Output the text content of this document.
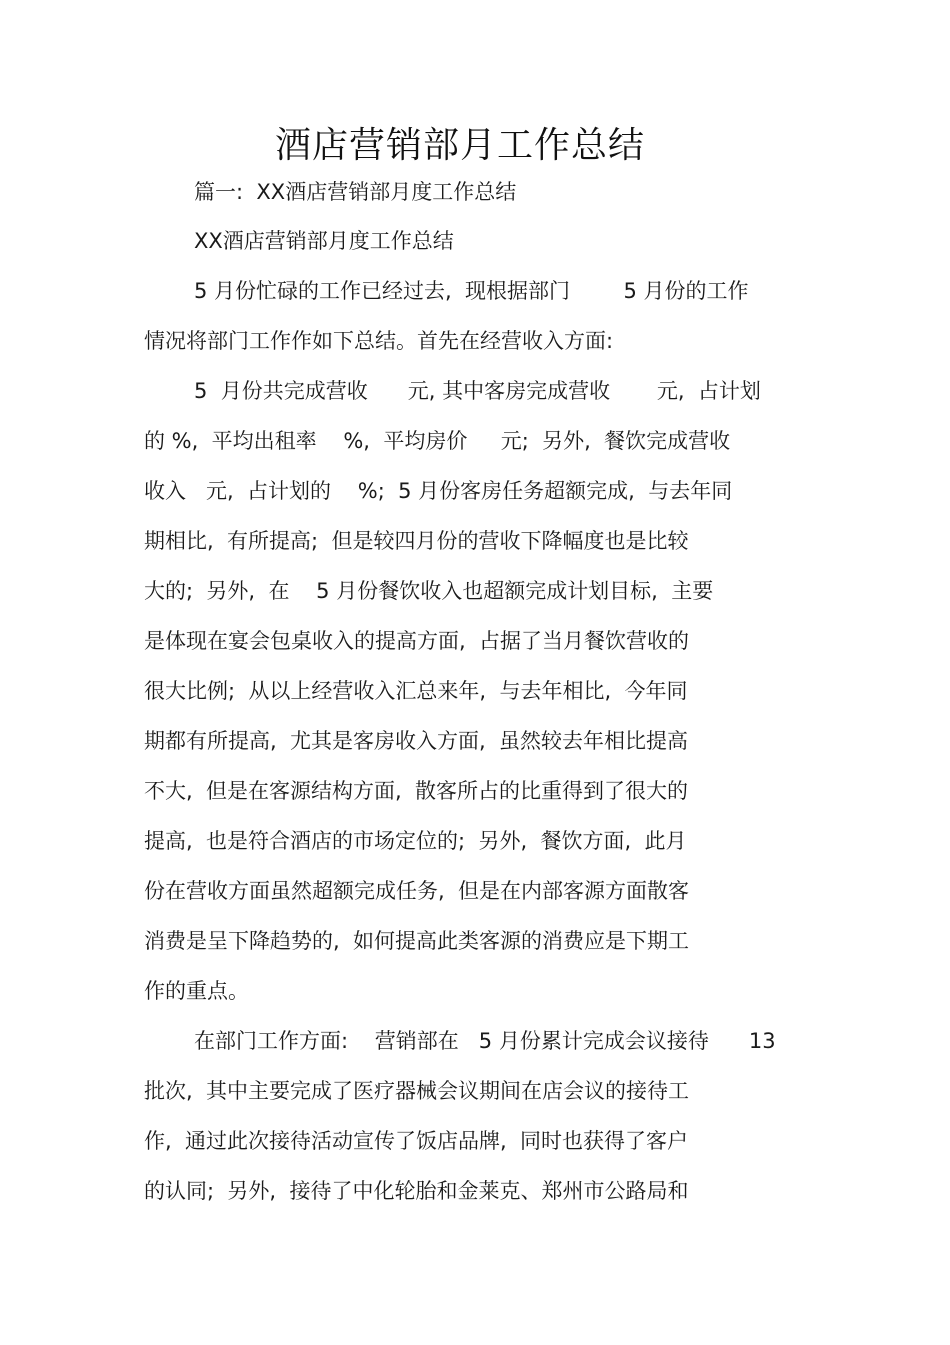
酒店营销部月工作总结
篇一:  XX酒店营销部月度工作总结
XX酒店营销部月度工作总结
5 月份忙碌的工作已经过去,  现根据部门        5 月份的工作
情况将部门工作作如下总结。首先在经营收入方面:
5  月份共完成营收      元, 其中客房完成营收       元,  占计划
的 %,  平均出租率    %,  平均房价     元;  另外,  餐饮完成营收
收入   元,  占计划的    %;  5 月份客房任务超额完成,  与去年同
期相比,  有所提高;  但是较四月份的营收下降幅度也是比较
大的;  另外,  在    5 月份餐饮收入也超额完成计划目标,  主要
是体现在宴会包桌收入的提高方面,  占据了当月餐饮营收的
很大比例;  从以上经营收入汇总来年,  与去年相比,  今年同
期都有所提高,  尤其是客房收入方面,  虽然较去年相比提高
不大,  但是在客源结构方面,  散客所占的比重得到了很大的
提高,  也是符合酒店的市场定位的;  另外,  餐饮方面,  此月
份在营收方面虽然超额完成任务,  但是在内部客源方面散客
消费是呈下降趋势的,  如何提高此类客源的消费应是下期工
作的重点。
在部门工作方面:    营销部在   5 月份累计完成会议接待      13
批次,  其中主要完成了医疗器械会议期间在店会议的接待工
作,  通过此次接待活动宣传了饭店品牌,  同时也获得了客户
的认同;  另外,  接待了中化轮胎和金莱克、郑州市公路局和
